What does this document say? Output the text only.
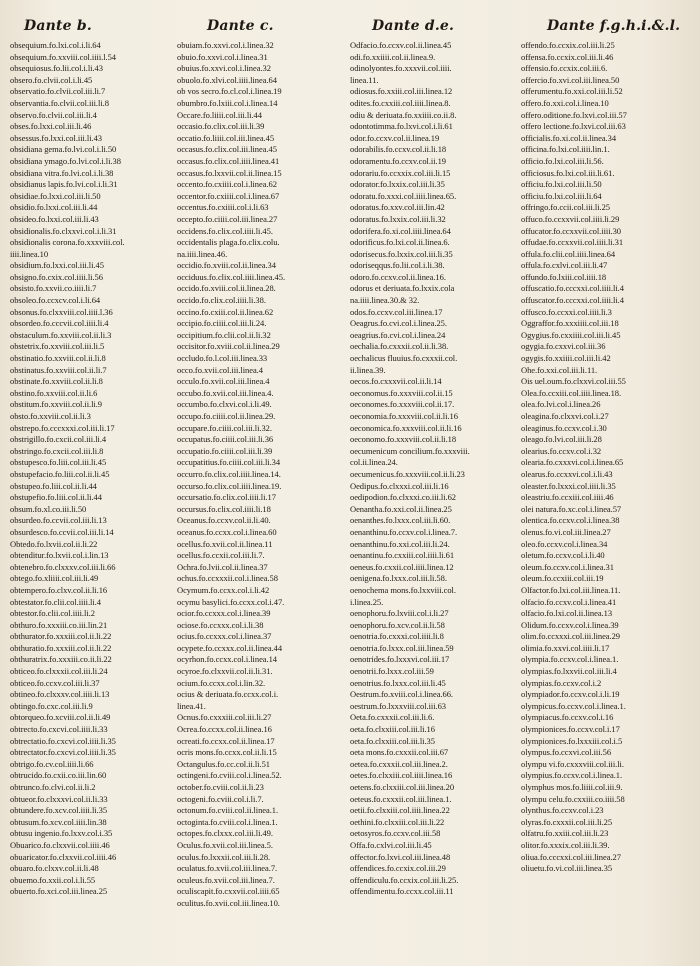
Dante b.	Dante c.	Dante d.e.	Dante f.g.h.i.&.l.
obsequium.fo.lxi.col.i.li.64
obsequium.fo.xxviii.col.iiii.l.54
obsequiosus.fo.lii.col.i.li.43
obsero.fo.clvii.col.i.li.45
observatio.fo.clvii.col.iii.li.7
observantia.fo.clvii.col.iii.li.8
observo.fo.clvii.col.iii.li.4
obses.fo.lxxi.col.iii.li.46
obsessus.fo.lxxi.col.iii.li.43
obsidiana gema.fo.lvi.col.i.li.50
obsidiana ymago.fo.lvi.col.i.li.38
obsidiana vitra.fo.lvi.col.i.li.38
obsidianus lapis.fo.lvi.col.i.li.31
obsidiae.fo.lxxi.col.iii.li.50
obsidio.fo.lxxi.col.iii.li.44
obsideo.fo.lxxi.col.iii.li.43
obsidionalis.fo.clxxvi.col.i.li.31
obsidionalis corona.fo.xxxviii.col.
iiii.linea.10
obsidium.fo.lxxi.col.iii.li.45
obsigno.fo.cxix.col.iiii.li.56
obsisto.fo.xxvii.co.iiii.li.7
obsoleo.fo.ccxcv.col.i.li.64
obsonus.fo.clxxviii.col.iiii.l.36
obsordeo.fo.cccvii.col.iiii.li.4
obstaculum.fo.xxviii.col.ii.li.3
obstetrix.fo.xxviii.col.iii.li.5
obstinatio.fo.xxviii.col.ii.li.8
obstinatus.fo.xxviii.col.ii.li.7
obstinate.fo.xxviii.col.ii.li.8
obstino.fo.xxviii.col.ii.li.6
obstitum.fo.xxviii.col.ii.li.9
obsto.fo.xxviii.col.ii.li.3
obstrepo.fo.cccxxxi.col.iii.li.17
obstrigillo.fo.cxcii.col.iii.li.4
obstringo.fo.cxcii.col.iii.li.8
obstupesco.fo.liii.col.iii.li.45
obstupefacio.fo.liii.col.ii.li.45
obstupeo.fo.liii.col.ii.li.44
obstupefio.fo.liii.col.ii.li.44
obsum.fo.xl.co.iii.li.50
obsurdeo.fo.ccvii.col.iii.li.13
obsurdesco.fo.ccvii.col.iii.li.14
Obtedo.fo.lxvii.col.ii.li.22
obtenditur.fo.lxvii.col.i.lin.13
obtenebro.fo.clxxxv.col.iii.li.66
obtego.fo.xliiii.col.iii.li.49
obtempero.fo.clxv.col.ii.li.16
obtestator.fo.clii.col.iiii.li.4
obtestor.fo.clii.col.iiii.li.2
obthuro.fo.xxxiii.co.iii.lin.21
obthurator.fo.xxxiii.col.ii.li.22
obthuratio.fo.xxxiii.col.ii.li.22
obthuratrix.fo.xxxiii.co.ii.li.22
obticeo.fo.clxxxii.col.iii.li.24
obticeo.fo.ccxv.col.iii.li.37
obtineo.fo.clxxxv.col.iiii.li.13
obtingo.fo.cxc.col.iii.li.9
obtorqueo.fo.xcviii.col.ii.li.49
obtrecto.fo.cxcvi.col.iiii.li.33
obtrectatio.fo.cxcvi.col.iiii.li.35
obtrectator.fo.cxcvi.col.iiii.li.35
obtrigo.fo.cv.col.iiii.li.66
obtrucido.fo.cxii.co.iii.lin.60
obtrunco.fo.clvi.col.ii.li.2
obtueor.fo.clxxxvi.col.ii.li.33
obtundere.fo.xcv.col.iiii.li.35
obtusum.fo.xcv.col.iiii.lin.38
obtusu ingenio.fo.lxxv.col.i.35
Obuarico.fo.clxxvii.col.iiii.46
obuaricator.fo.clxxvii.col.iiii.46
obuaro.fo.clxxv.col.ii.li.48
obuemo.fo.xxii.col.i.li.55
obuerto.fo.xci.col.iii.linea.25
obuiam.fo.xxvi.col.i.linea.32
obuio.fo.xxvi.col.i.linea.31
obuius.fo.xxvi.col.i.linea.32
obuolo.fo.xlvi.col.iiii.linea.64
ob vos secro.fo.cl.col.i.linea.19
obumbro.fo.lxiii.col.i.linea.14
Occare.fo.liiii.col.iii.li.44
occasio.fo.clix.col.iii.li.39
occatio.fo.liiii.col.iii.linea.45
occasus.fo.clix.col.iii.linea.45
occasus.fo.clix.col.iiii.linea.41
occasus.fo.lxxvii.col.ii.linea.15
occento.fo.cxiiii.col.i.linea.62
occentor.fo.cxiiii.col.i.linea.67
occentus.fo.cxiiii.col.i.li.63
occepto.fo.ciiii.col.iii.linea.27
occidens.fo.clix.col.iiii.li.45.
occidentalis plaga.fo.clix.colu.
na.iiii.linea.46.
occidio.fo.xviii.col.ii.linea.34
occiduus.fo.clix.col.iiii.linea.45.
occido.fo.xviii.col.ii.linea.28.
occido.fo.clix.col.iiii.li.38.
occino.fo.cxiii.col.ii.linea.62
occipio.fo.ciiii.col.iii.li.24.
occipitium.fo.clii.col.ii.li.32
occisitor.fo.xviii.col.ii.linea.29
occludo.fo.l.col.iii.linea.33
occo.fo.xvii.col.iii.linea.4
occulo.fo.xvii.col.iii.linea.4
occubo.fo.xvii.col.iii.linea.4.
occumbo.fo.clxvi.col.i.li.49.
occupo.fo.ciiii.col.ii.linea.29.
occupare.fo.ciiii.col.iii.li.32.
occupatus.fo.ciiii.col.iii.li.36
occupatio.fo.ciiii.col.iii.li.39
occupatitius.fo.ciiii.col.iii.li.34
occurro.fo.clix.col.iiii.linea.14.
occurso.fo.clix.col.iiii.linea.19.
occursatio.fo.clix.col.iiii.li.17
occursus.fo.clix.col.iiii.li.18
Oceanus.fo.ccxv.col.ii.li.40.
oceanus.fo.ccxx.col.i.linea.60
ocellus.fo.xvii.col.ii.linea.11
ocellus.fo.ccxii.col.iii.li.7.
Ochra.fo.lvii.col.ii.linea.37
ochus.fo.ccxxxii.col.i.linea.58
Ocymum.fo.ccxx.col.i.li.42
ocymu basylici.fo.ccxx.col.i.47.
ocior.fo.ccxxx.col.i.linea.39
ociose.fo.ccxxx.col.i.li.38
ocius.fo.ccxxx.col.i.linea.37
ocypete.fo.ccxxx.col.ii.linea.44
ocyrhon.fo.ccxx.col.i.linea.14
ocyroe.fo.clxxvii.col.ii.li.31.
ocium.fo.ccxx.col.i.lin.32.
ocius & deriuata.fo.ccxx.col.i.
linea.41.
Ocnus.fo.cxxxiii.col.iii.li.27
Ocrea.fo.ccxx.col.ii.linea.16
ocreati.fo.ccxx.col.ii.linea.17
ocris mons.fo.ccxx.col.ii.li.15
Octangulus.fo.cc.col.ii.li.51
octingeni.fo.cviii.col.i.linea.52.
october.fo.cviii.col.ii.li.23
octogeni.fo.cviii.col.i.li.7.
octonum.fo.cviii.col.ii.linea.1.
octoginta.fo.cviii.col.i.linea.1.
octopes.fo.clxxx.col.iii.li.49.
Oculus.fo.xvii.col.iii.linea.5.
oculus.fo.lxxxii.col.iii.li.28.
oculatus.fo.xvii.col.iii.linea.7.
oculeus.fo.xvii.col.iii.linea.7.
oculiscapit.fo.cxxvii.col.iiii.65
oculitus.fo.xvii.col.iii.linea.10.
Odfacio.fo.ccxv.col.ii.linea.45
odi.fo.xxiiii.col.ii.linea.9.
odinolyontes.fo.xxxvii.col.iiii.
linea.11.
odiosus.fo.xxiii.col.iii.linea.12
odites.fo.cxxiii.col.iiii.linea.8.
odiu & deriuata.fo.xxiiii.co.ii.8.
odontotimma.fo.lxvi.col.i.li.61
odor.fo.ccxv.col.ii.linea.19
odorabilis.fo.ccxv.col.ii.li.18
odoramentu.fo.ccxv.col.ii.19
odorariu.fo.ccxxix.col.iii.li.15
odorator.fo.lxxix.col.iii.li.35
odoratu.fo.xxxi.col.iiii.linea.65.
odoratus.fo.xxv.col.iii.lin.42
odoratus.fo.lxxix.col.iii.li.32
odorifera.fo.xi.col.iiii.linea.64
odorificus.fo.lxi.col.ii.linea.6.
odorisecus.fo.lxxix.col.iii.li.35
odoriseqqus.fo.lii.col.i.li.38.
odoro.fo.ccxv.col.ii.linea.16.
odorus et deriuata.fo.lxxix.cola
na.iiii.linea.30.& 32.
odos.fo.ccxv.col.iii.linea.17
Oeagrus.fo.cvi.col.i.linea.25.
oeagrius.fo.cvi.col.i.linea.24
oechalia.fo.cxxxii.col.ii.li.38.
oechalicus fluuius.fo.cxxxii.col.
ii.linea.39.
oecos.fo.cxxxvii.col.ii.li.14
oeconomus.fo.xxxviii.col.ii.15
oeconomes.fo.xxxviii.col.ii.17.
oeconomia.fo.xxxviii.col.ii.li.16
oeconomica.fo.xxxviii.col.ii.li.16
oeconomo.fo.xxxviii.col.ii.li.18
oecumenicum concilium.fo.xxxviii.
col.ii.linea.24.
oecumenicus.fo.xxxviii.col.ii.li.23
Oedipus.fo.clxxxi.col.iii.li.16
oedipodion.fo.clxxxi.co.iii.li.62
Oenantha.fo.xxi.col.ii.linea.25
oenanthes.fo.lxxx.col.iii.li.60.
oenanthinu.fo.ccxv.col.i.linea.7.
oenanthinu.fo.xxi.col.iii.li.24.
oenantinu.fo.cxxiii.col.iiii.li.61
oeneus.fo.cxxii.col.iiii.linea.12
oenigena.fo.lxxx.col.iii.li.58.
oenochema mons.fo.lxxviii.col.
i.linea.25.
oenophoru.fo.lxviii.col.i.li.27
oenophoru.fo.xcv.col.ii.li.58
oenotria.fo.cxxxi.col.iiii.li.8
oenotria.fo.lxxx.col.iii.linea.59
oenotrides.fo.lxxxvi.col.iii.17
oenotrii.fo.lxxx.col.iii.59
oenotrius.fo.lxxx.col.iii.li.45
Oestrum.fo.xviii.col.i.linea.66.
oestrum.fo.lxxxviii.col.iii.63
Oeta.fo.cxxxii.col.iii.li.6.
oeta.fo.clxxiii.col.iii.li.16
oeta.fo.clxxiii.col.iii.li.35
oeta mons.fo.cxxxii.col.iii.67
oetea.fo.cxxxii.col.iii.linea.2.
oetes.fo.clxxiii.col.iiii.linea.16
oetens.fo.clxxiii.col.iii.linea.20
oeteus.fo.cxxxii.col.iii.linea.1.
oetii.fo.clxxiii.col.iiii.linea.22
oethini.fo.clxxiii.col.iii.li.22
oetosyros.fo.ccxv.col.iii.58
Offa.fo.cxlvi.col.iii.li.45
offector.fo.lxvi.col.iii.linea.48
offendices.fo.ccxix.col.iii.29
offendiculu.fo.ccxix.col.iii.li.25.
offendimentu.fo.ccxx.col.iii.11
offendo.fo.ccxix.col.iii.li.25
offensa.fo.ccxix.col.iii.li.46
offensio.fo.ccxix.col.iii.6.
offercio.fo.xvi.col.iii.linea.50
offerumentu.fo.xxi.col.iii.li.52
offero.fo.xxi.col.i.linea.10
offero.oditione.fo.lxvi.col.iii.57
offero lectione.fo.lxvi.col.iii.63
officialis.fo.xi.col.ii.linea.34
officina.fo.lxi.col.iiii.lin.1.
officio.fo.lxi.col.iii.li.56.
officiosus.fo.lxi.col.iii.li.61.
officiu.fo.lxi.col.iii.li.50
officiu.fo.lxi.col.iii.li.64
offringo.fo.ccii.col.iii.li.25
offuco.fo.ccxxvii.col.iiii.li.29
offucator.fo.ccxxvii.col.iiii.30
offudae.fo.ccxxvii.col.iiii.li.31
offula.fo.clii.col.iiii.linea.64
offula.fo.cxlvi.col.iii.li.47
offundo.fo.lxiii.col.iiii.18
offuscatio.fo.cccxxi.col.iiii.li.4
offuscator.fo.cccxxi.col.iiii.li.4
offusco.fo.ccxxi.col.iiii.li.3
Oggraffor.fo.xxxiiii.col.iii.18
Ogygius.fo.cxxiiii.col.iii.li.45
ogygia.fo.cxxvi.col.iii.36
ogygis.fo.xxiiii.col.iii.li.42
Ohe.fo.xxi.col.iii.li.11.
Ois uel.oum.fo.clxxvi.col.iii.55
Olea.fo.ccxiii.col.iiii.linea.18.
olea.fo.lvi.col.i.linea.26
oleagina.fo.clxxvi.col.i.27
oleaginus.fo.ccxv.col.i.30
oleago.fo.lvi.col.iii.li.28
olearius.fo.ccxv.col.i.32
olearia.fo.cxxxvi.col.i.linea.65
olearus.fo.ccxxvi.col.i.li.43
oleaster.fo.lxxxi.col.iiii.li.35
oleastriu.fo.ccxiii.col.iiii.46
olei natura.fo.xc.col.i.linea.57
olentica.fo.ccxv.col.i.linea.38
olenus.fo.vi.col.iii.linea.27
oleo.fo.ccxv.col.i.linea.34
oletum.fo.ccxv.col.i.li.40
oleum.fo.ccxv.col.i.linea.31
oleum.fo.ccxiii.col.iii.19
Olfactor.fo.lxi.col.iii.linea.11.
olfacio.fo.ccxv.col.i.linea.41
olfacio.fo.lxi.col.ii.linea.13
Olidum.fo.ccxv.col.i.linea.39
olim.fo.ccxxxi.col.iii.linea.29
olimia.fo.xxvi.col.iiii.li.17
olympia.fo.ccxv.col.i.linea.1.
olympias.fo.lxxvii.col.iii.li.4
olympias.fo.ccxv.col.i.2
olympiador.fo.ccxv.col.i.li.19
olympicus.fo.ccxv.col.i.linea.1.
olympiacus.fo.ccxv.col.i.16
olympionices.fo.ccxv.col.i.17
olympionices.fo.lxxxiii.col.i.5
olympus.fo.ccxvi.col.iii.56
olympu vi.fo.cxxxviii.col.iii.li.
olympius.fo.ccxv.col.i.linea.1.
olymphus mos.fo.liiii.col.iii.9.
olympu celu.fo.cxxiii.co.iiii.58
olynthus.fo.ccxv.col.i.23
olyras.fo.cxxxii.col.iii.li.25
olfatru.fo.xxiii.col.iii.li.23
olitor.fo.xxxix.col.iii.li.39.
oliua.fo.cccxxi.col.iii.linea.27
oliuetu.fo.vi.col.iii.linea.35
